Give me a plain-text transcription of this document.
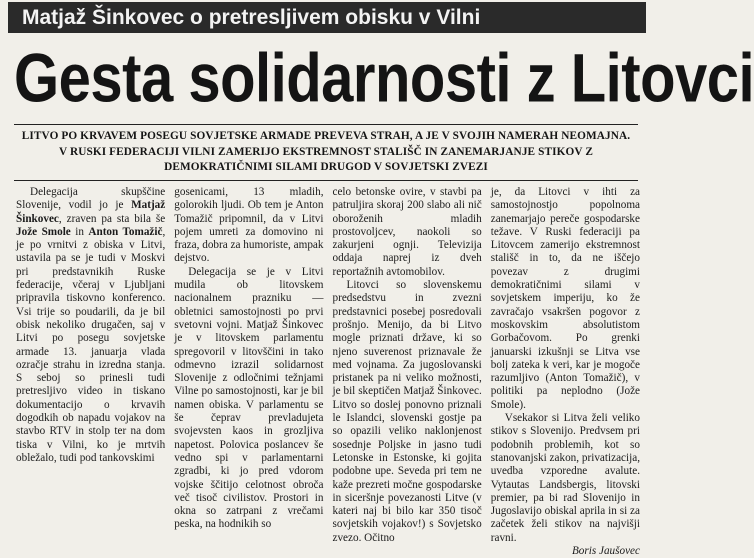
Matjaž Šinkovec o pretresljivem obisku v Vilni
Gesta solidarnosti z Litovci

LITVO PO KRVAVEM POSEGU SOVJETSKE ARMADE PREVEVA STRAH, A JE V SVOJIH NAMERAH NEOMAJNA. V RUSKI FEDERACIJI VILNI ZAMERIJO EKSTREMNOST STALIŠČ IN ZANEMARJANJE STIKOV Z DEMOKRATIČNIMI SILAMI DRUGOD V SOVJETSKI ZVEZI

Delegacija skupščine Slovenije, vodil jo je Matjaž Šinkovec, zraven pa sta bila še Jože Smole in Anton Tomažič, je po vrnitvi z obiska v Litvi, ustavila pa se je tudi v Moskvi pri predstavnikih Ruske federacije, včeraj v Ljubljani pripravila tiskovno konferenco. Vsi trije so poudarili, da je bil obisk nekoliko drugačen, saj v Litvi po posegu sovjetske armade 13. januarja vlada ozračje strahu in izredna stanja. S seboj so prinesli tudi pretresljivo video in tiskano dokumentacijo o krvavih dogodkih ob napadu vojakov na stavbo RTV in stolp ter na dom tiska v Vilni, ko je mrtvih obležalo, tudi pod tankovskimi

gosenicami, 13 mladih, golorokih ljudi. Ob tem je Anton Tomažič pripomnil, da v Litvi pojem umreti za domovino ni fraza, dobra za humoriste, ampak dejstvo.

Delegacija se je v Litvi mudila ob litovskem nacionalnem prazniku — obletnici samostojnosti po prvi svetovni vojni. Matjaž Šinkovec je v litovskem parlamentu spregovoril v litovščini in tako odmevno izrazil solidarnost Slovenije z odločnimi težnjami Vilne po samostojnosti, kar je bil namen obiska. V parlamentu se še čeprav prevladujeta svojevsten kaos in grozljiva napetost. Polovica poslancev še vedno spi v parlamentarni zgradbi, ki jo pred vdorom vojske ščitijo celotnost obroča več tisoč civilistov. Prostori in okna so zatrpani z vrečami peska, na hodnikih so

celo betonske ovire, v stavbi pa patruljira skoraj 200 slabo ali nič oboroženih mladih prostovoljcev, naokoli so zakurjeni ognji. Televizija oddaja naprej iz dveh reportažnih avtomobilov.

Litovci so slovenskemu predsedstvu in zvezni predstavnici posebej posredovali prošnjo. Menijo, da bi Litvo mogle priznati države, ki so njeno suverenost priznavale že med vojnama. Za jugoslovanski pristanek pa ni veliko možnosti, je bil skeptičen Matjaž Šinkovec. Litvo so doslej ponovno priznali le Islandci, slovenski gostje pa so opazili veliko naklonjenost sosednje Poljske in jasno tudi Letonske in Estonske, ki gojita podobne upe. Seveda pri tem ne kaže prezreti močne gospodarske in siceršnje povezanosti Litve (v kateri naj bi bilo kar 350 tisoč sovjetskih vojakov!) s Sovjetsko zvezo. Očitno

je, da Litovci v ihti za samostojnostjo popolnoma zanemarjajo pereče gospodarske težave. V Ruski federaciji pa Litovcem zamerijo ekstremnost stališč in to, da ne iščejo povezav z drugimi demokratičnimi silami v sovjetskem imperiju, ko že zavračajo vsakršen pogovor z moskovskim absolutistom Gorbačovom. Po grenki januarski izkušnji se Litva vse bolj zateka k veri, kar je mogoče razumljivo (Anton Tomažič), v politiki pa neplodno (Jože Smole).

Vsekakor si Litva želi veliko stikov s Slovenijo. Predvsem pri podobnih problemih, kot so stanovanjski zakon, privatizacija, uvedba vzporedne avalute. Vytautas Landsbergis, litovski premier, pa bi rad Slovenijo in Jugoslavijo obiskal aprila in si za začetek želi stikov na najvišji ravni.

Boris Jaušovec
